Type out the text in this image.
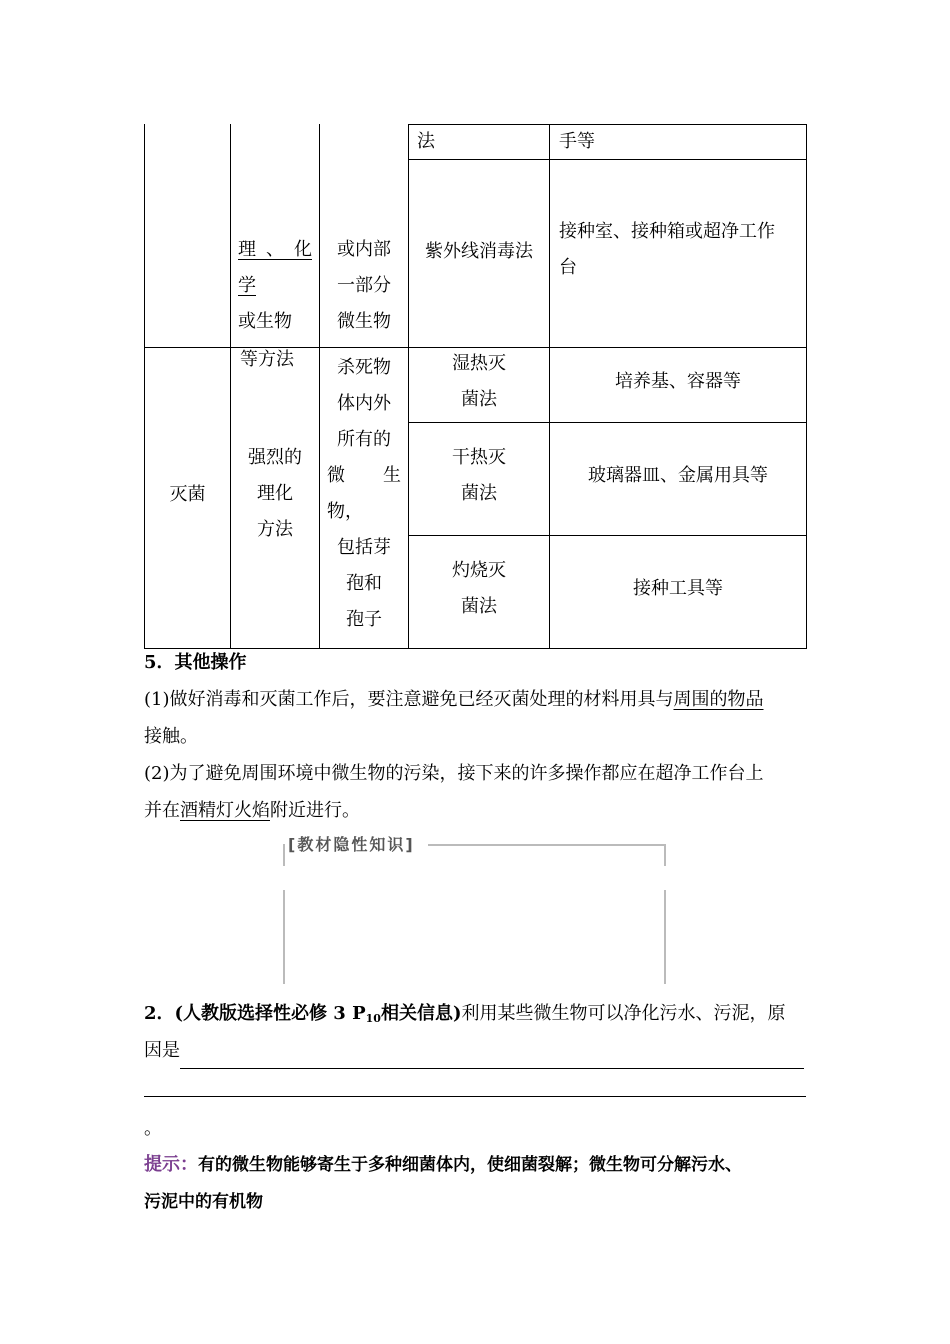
理 、 化
学
或生物
或内部
一部分
微生物
法	手等
紫外线消毒法
接种室、接种箱或超净工作
台
灭菌
等方法
强烈的
理化
方法
杀死物
体内外
所有的
微 生
物，
包括芽
孢和
孢子
湿热灭
菌法
培养基、容器等
干热灭
菌法
玻璃器皿、金属用具等
灼烧灭
菌法
接种工具等
5．其他操作
(1)做好消毒和灭菌工作后，要注意避免已经灭菌处理的材料用具与周围的物品
接触。
(2)为了避免周围环境中微生物的污染，接下来的许多操作都应在超净工作台上
并在酒精灯火焰附近进行。
[教材隐性知识]
2．(人教版选择性必修 3 P10相关信息)利用某些微生物可以净化污水、污泥，原
因是
。
提示：有的微生物能够寄生于多种细菌体内，使细菌裂解；微生物可分解污水、
污泥中的有机物
